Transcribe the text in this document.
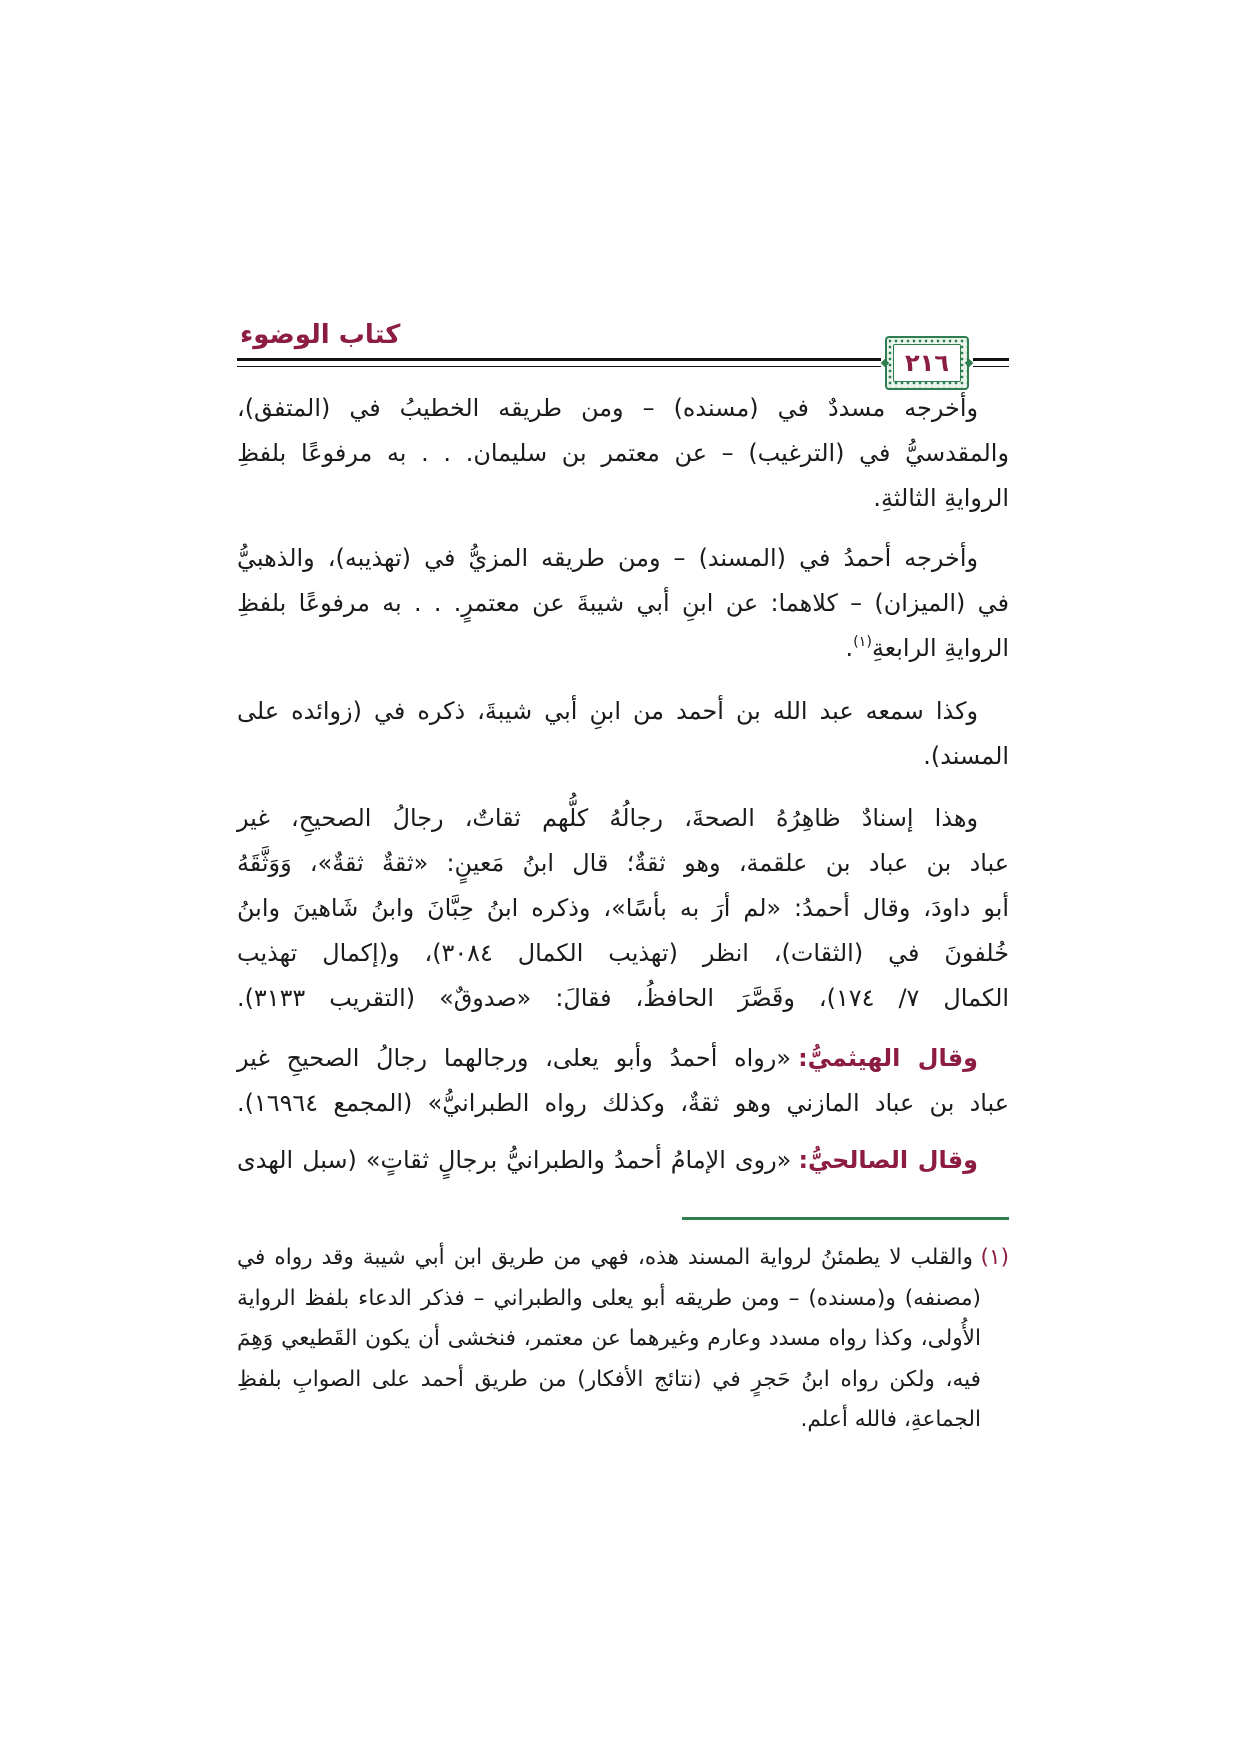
كتاب الوضوء
٢١٦
وأخرجه مسددٌ في (مسنده) – ومن طريقه الخطيبُ في (المتفق)،
والمقدسيُّ في (الترغيب) – عن معتمر بن سليمان. . . به مرفوعًا بلفظِ
الروايةِ الثالثةِ.
وأخرجه أحمدُ في (المسند) – ومن طريقه المزيُّ في (تهذيبه)، والذهبيُّ
في (الميزان) – كلاهما: عن ابنِ أبي شيبةَ عن معتمرٍ. . . به مرفوعًا بلفظِ
الروايةِ الرابعةِ$^{(١)}$.
وكذا سمعه عبد الله بن أحمد من ابنِ أبي شيبةَ، ذكره في (زوائده على
المسند).
وهذا إسنادٌ ظاهِرُهُ الصحةَ، رجالُهُ كلُّهم ثقاتٌ، رجالُ الصحيحِ، غير
عباد بن عباد بن علقمة، وهو ثقةٌ؛ قال ابنُ مَعينٍ: «ثقةٌ ثقةٌ»، وَوَثَّقَهُ
أبو داودَ، وقال أحمدُ: «لم أرَ به بأسًا»، وذكره ابنُ حِبَّانَ وابنُ شَاهينَ وابنُ
خُلفونَ في (الثقات)، انظر (تهذيب الكمال ٣٠٨٤)، و(إكمال تهذيب
الكمال ٧/ ١٧٤)، وقَصَّرَ الحافظُ، فقالَ: «صدوقٌ» (التقريب ٣١٣٣).
وقال الهيثميُّ:«رواه أحمدُ وأبو يعلى، ورجالهما رجالُ الصحيحِ غير
عباد بن عباد المازني وهو ثقةٌ، وكذلك رواه الطبرانيُّ» (المجمع ١٦٩٦٤).
وقال الصالحيُّ:«روى الإمامُ أحمدُ والطبرانيُّ برجالٍ ثقاتٍ» (سبل الهدى
(١)والقلب لا يطمئنُ لرواية المسند هذه، فهي من طريق ابن أبي شيبة وقد رواه في
(مصنفه) و(مسنده) – ومن طريقه أبو يعلى والطبراني – فذكر الدعاء بلفظ الرواية
الأُولى، وكذا رواه مسدد وعارم وغيرهما عن معتمر، فنخشى أن يكون القَطيعي وَهِمَ
فيه، ولكن رواه ابنُ حَجرٍ في (نتائج الأفكار) من طريق أحمد على الصوابِ بلفظِ
الجماعةِ، فالله أعلم.
